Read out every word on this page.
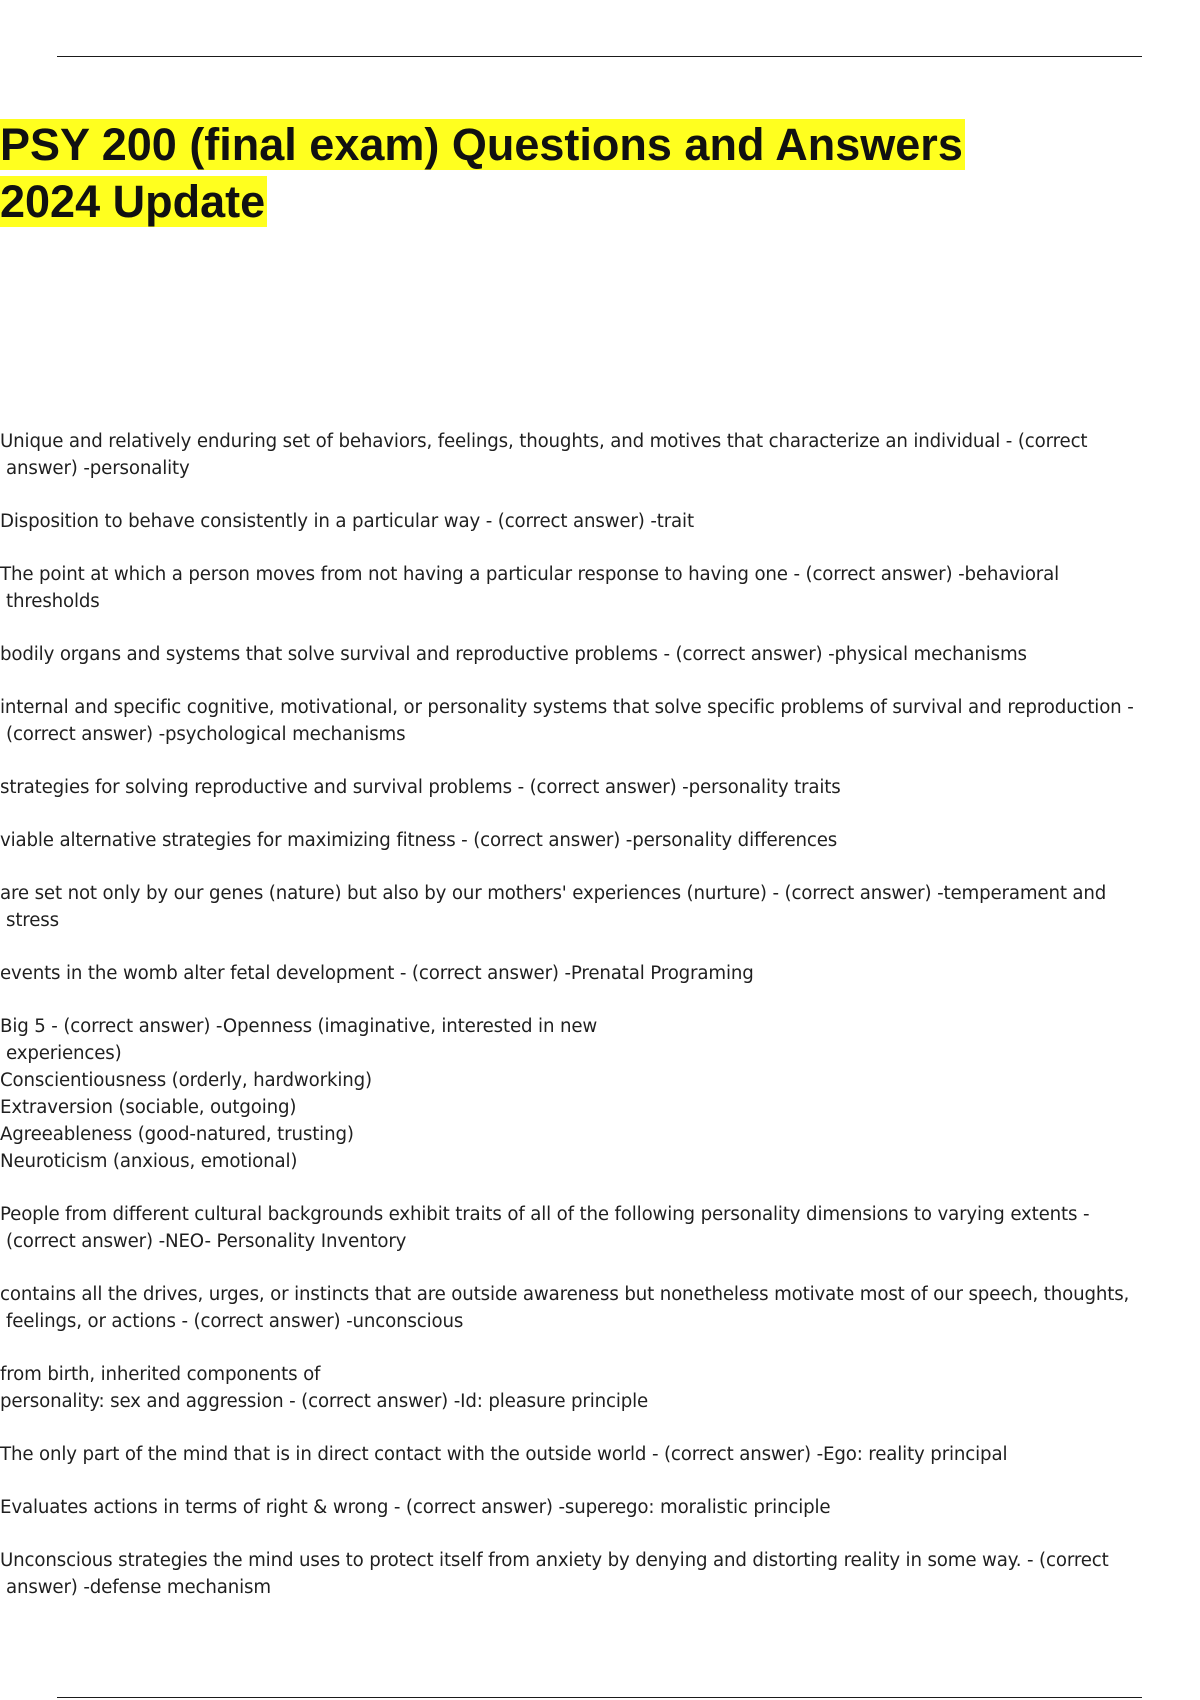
PSY 200 (final exam) Questions and Answers
2024 Update
Unique and relatively enduring set of behaviors, feelings, thoughts, and motives that characterize an individual - (correct
answer) -personality
Disposition to behave consistently in a particular way - (correct answer) -trait
The point at which a person moves from not having a particular response to having one - (correct answer) -behavioral
thresholds
bodily organs and systems that solve survival and reproductive problems - (correct answer) -physical mechanisms
internal and specific cognitive, motivational, or personality systems that solve specific problems of survival and reproduction -
(correct answer) -psychological mechanisms
strategies for solving reproductive and survival problems - (correct answer) -personality traits
viable alternative strategies for maximizing fitness - (correct answer) -personality differences
are set not only by our genes (nature) but also by our mothers' experiences (nurture) - (correct answer) -temperament and
stress
events in the womb alter fetal development - (correct answer) -Prenatal Programing
Big 5 - (correct answer) -Openness (imaginative, interested in new
experiences)
Conscientiousness (orderly, hardworking)
Extraversion (sociable, outgoing)
Agreeableness (good-natured, trusting)
Neuroticism (anxious, emotional)
People from different cultural backgrounds exhibit traits of all of the following personality dimensions to varying extents -
(correct answer) -NEO- Personality Inventory
contains all the drives, urges, or instincts that are outside awareness but nonetheless motivate most of our speech, thoughts,
feelings, or actions - (correct answer) -unconscious
from birth, inherited components of
personality: sex and aggression - (correct answer) -Id: pleasure principle
The only part of the mind that is in direct contact with the outside world - (correct answer) -Ego: reality principal
Evaluates actions in terms of right & wrong - (correct answer) -superego: moralistic principle
Unconscious strategies the mind uses to protect itself from anxiety by denying and distorting reality in some way. - (correct
answer) -defense mechanism
